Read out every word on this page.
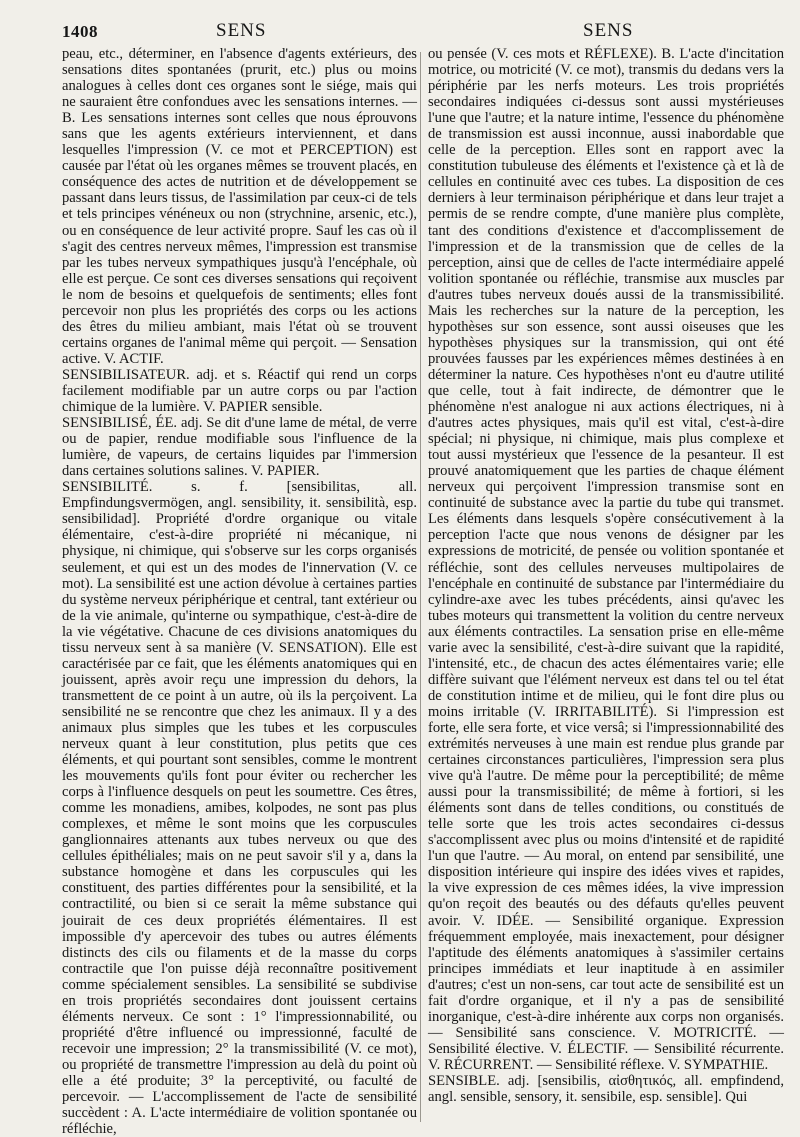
1408	SENS	SENS

peau, etc., déterminer, en l'absence d'agents extérieurs, des sensations dites spontanées (prurit, etc.) plus ou moins analogues à celles dont ces organes sont le siége, mais qui ne sauraient être confondues avec les sensations internes. — B. Les sensations internes sont celles que nous éprouvons sans que les agents extérieurs interviennent, et dans lesquelles l'impression (V. ce mot et PERCEPTION) est causée par l'état où les organes mêmes se trouvent placés, en conséquence des actes de nutrition et de développement se passant dans leurs tissus, de l'assimilation par ceux-ci de tels et tels principes vénéneux ou non (strychnine, arsenic, etc.), ou en conséquence de leur activité propre. Sauf les cas où il s'agit des centres nerveux mêmes, l'impression est transmise par les tubes nerveux sympathiques jusqu'à l'encéphale, où elle est perçue. Ce sont ces diverses sensations qui reçoivent le nom de besoins et quelquefois de sentiments; elles font percevoir non plus les propriétés des corps ou les actions des êtres du milieu ambiant, mais l'état où se trouvent certains organes de l'animal même qui perçoit. — Sensation active. V. ACTIF.

SENSIBILISATEUR. adj. et s. Réactif qui rend un corps facilement modifiable par un autre corps ou par l'action chimique de la lumière. V. PAPIER sensible.

SENSIBILISÉ, ÉE. adj. Se dit d'une lame de métal, de verre ou de papier, rendue modifiable sous l'influence de la lumière, de vapeurs, de certains liquides par l'immersion dans certaines solutions salines. V. PAPIER.

SENSIBILITÉ. s. f. [sensibilitas, all. Empfindungsvermögen, angl. sensibility, it. sensibilità, esp. sensibilidad]. Propriété d'ordre organique ou vitale élémentaire, c'est-à-dire propriété ni mécanique, ni physique, ni chimique, qui s'observe sur les corps organisés seulement, et qui est un des modes de l'innervation (V. ce mot). La sensibilité est une action dévolue à certaines parties du système nerveux périphérique et central, tant extérieur ou de la vie animale, qu'interne ou sympathique, c'est-à-dire de la vie végétative. Chacune de ces divisions anatomiques du tissu nerveux sent à sa manière (V. SENSATION). Elle est caractérisée par ce fait, que les éléments anatomiques qui en jouissent, après avoir reçu une impression du dehors, la transmettent de ce point à un autre, où ils la perçoivent. La sensibilité ne se rencontre que chez les animaux. Il y a des animaux plus simples que les tubes et les corpuscules nerveux quant à leur constitution, plus petits que ces éléments, et qui pourtant sont sensibles, comme le montrent les mouvements qu'ils font pour éviter ou rechercher les corps à l'influence desquels on peut les soumettre. Ces êtres, comme les monadiens, amibes, kolpodes, ne sont pas plus complexes, et même le sont moins que les corpuscules ganglionnaires attenants aux tubes nerveux ou que des cellules épithéliales; mais on ne peut savoir s'il y a, dans la substance homogène et dans les corpuscules qui les constituent, des parties différentes pour la sensibilité, et la contractilité, ou bien si ce serait la même substance qui jouirait de ces deux propriétés élémentaires. Il est impossible d'y apercevoir des tubes ou autres éléments distincts des cils ou filaments et de la masse du corps contractile que l'on puisse déjà reconnaître positivement comme spécialement sensibles. La sensibilité se subdivise en trois propriétés secondaires dont jouissent certains éléments nerveux. Ce sont : 1° l'impressionnabilité, ou propriété d'être influencé ou impressionné, faculté de recevoir une impression; 2° la transmissibilité (V. ce mot), ou propriété de transmettre l'impression au delà du point où elle a été produite; 3° la perceptivité, ou faculté de percevoir. — L'accomplissement de l'acte de sensibilité succèdent : A. L'acte intermédiaire de volition spontanée ou réfléchie,

ou pensée (V. ces mots et RÉFLEXE). B. L'acte d'incitation motrice, ou motricité (V. ce mot), transmis du dedans vers la périphérie par les nerfs moteurs. Les trois propriétés secondaires indiquées ci-dessus sont aussi mystérieuses l'une que l'autre; et la nature intime, l'essence du phénomène de transmission est aussi inconnue, aussi inabordable que celle de la perception. Elles sont en rapport avec la constitution tubuleuse des éléments et l'existence çà et là de cellules en continuité avec ces tubes. La disposition de ces derniers à leur terminaison périphérique et dans leur trajet a permis de se rendre compte, d'une manière plus complète, tant des conditions d'existence et d'accomplissement de l'impression et de la transmission que de celles de la perception, ainsi que de celles de l'acte intermédiaire appelé volition spontanée ou réfléchie, transmise aux muscles par d'autres tubes nerveux doués aussi de la transmissibilité. Mais les recherches sur la nature de la perception, les hypothèses sur son essence, sont aussi oiseuses que les hypothèses physiques sur la transmission, qui ont été prouvées fausses par les expériences mêmes destinées à en déterminer la nature. Ces hypothèses n'ont eu d'autre utilité que celle, tout à fait indirecte, de démontrer que le phénomène n'est analogue ni aux actions électriques, ni à d'autres actes physiques, mais qu'il est vital, c'est-à-dire spécial; ni physique, ni chimique, mais plus complexe et tout aussi mystérieux que l'essence de la pesanteur. Il est prouvé anatomiquement que les parties de chaque élément nerveux qui perçoivent l'impression transmise sont en continuité de substance avec la partie du tube qui transmet. Les éléments dans lesquels s'opère consécutivement à la perception l'acte que nous venons de désigner par les expressions de motricité, de pensée ou volition spontanée et réfléchie, sont des cellules nerveuses multipolaires de l'encéphale en continuité de substance par l'intermédiaire du cylindre-axe avec les tubes précédents, ainsi qu'avec les tubes moteurs qui transmettent la volition du centre nerveux aux éléments contractiles. La sensation prise en elle-même varie avec la sensibilité, c'est-à-dire suivant que la rapidité, l'intensité, etc., de chacun des actes élémentaires varie; elle diffère suivant que l'élément nerveux est dans tel ou tel état de constitution intime et de milieu, qui le font dire plus ou moins irritable (V. IRRITABILITÉ). Si l'impression est forte, elle sera forte, et vice versâ; si l'impressionnabilité des extrémités nerveuses à une main est rendue plus grande par certaines circonstances particulières, l'impression sera plus vive qu'à l'autre. De même pour la perceptibilité; de même aussi pour la transmissibilité; de même à fortiori, si les éléments sont dans de telles conditions, ou constitués de telle sorte que les trois actes secondaires ci-dessus s'accomplissent avec plus ou moins d'intensité et de rapidité l'un que l'autre. — Au moral, on entend par sensibilité, une disposition intérieure qui inspire des idées vives et rapides, la vive expression de ces mêmes idées, la vive impression qu'on reçoit des beautés ou des défauts qu'elles peuvent avoir. V. IDÉE. — Sensibilité organique. Expression fréquemment employée, mais inexactement, pour désigner l'aptitude des éléments anatomiques à s'assimiler certains principes immédiats et leur inaptitude à en assimiler d'autres; c'est un non-sens, car tout acte de sensibilité est un fait d'ordre organique, et il n'y a pas de sensibilité inorganique, c'est-à-dire inhérente aux corps non organisés. — Sensibilité sans conscience. V. MOTRICITÉ. —Sensibilité élective. V. ÉLECTIF. — Sensibilité récurrente. V. RÉCURRENT. — Sensibilité réflexe. V. SYMPATHIE.

SENSIBLE. adj. [sensibilis, αἰσθητικός, all. empfindend, angl. sensible, sensory, it. sensibile, esp. sensible]. Qui
